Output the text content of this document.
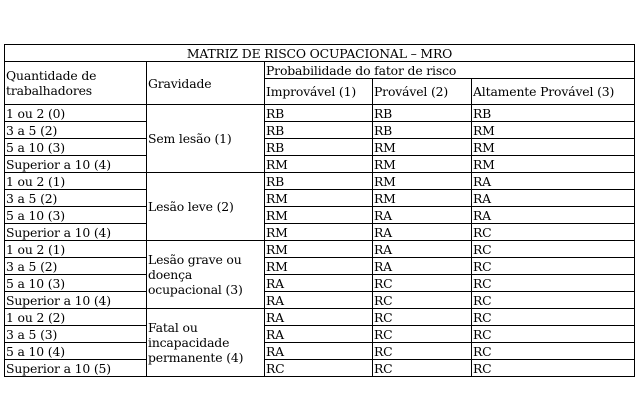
MATRIZ DE RISCO OCUPACIONAL – MRO				
Quantidade de trabalhadores	Gravidade	Probabilidade do fator de risco		
		Improvável (1)	Provável (2)	Altamente Provável (3)
1 ou 2 (0)	Sem lesão (1)	RB	RB	RB
3 a 5 (2)		RB	RB	RM
5 a 10 (3)		RB	RM	RM
Superior a 10 (4)		RM	RM	RM
1 ou 2 (1)	Lesão leve (2)	RB	RM	RA
3 a 5 (2)		RM	RM	RA
5 a 10 (3)		RM	RA	RA
Superior a 10 (4)		RM	RA	RC
1 ou 2 (1)	Lesão grave ou doença ocupacional (3)	RM	RA	RC
3 a 5 (2)		RM	RA	RC
5 a 10 (3)		RA	RC	RC
Superior a 10 (4)		RA	RC	RC
1 ou 2 (2)	Fatal ou incapacidade permanente (4)	RA	RC	RC
3 a 5 (3)		RA	RC	RC
5 a 10 (4)		RA	RC	RC
Superior a 10 (5)		RC	RC	RC
